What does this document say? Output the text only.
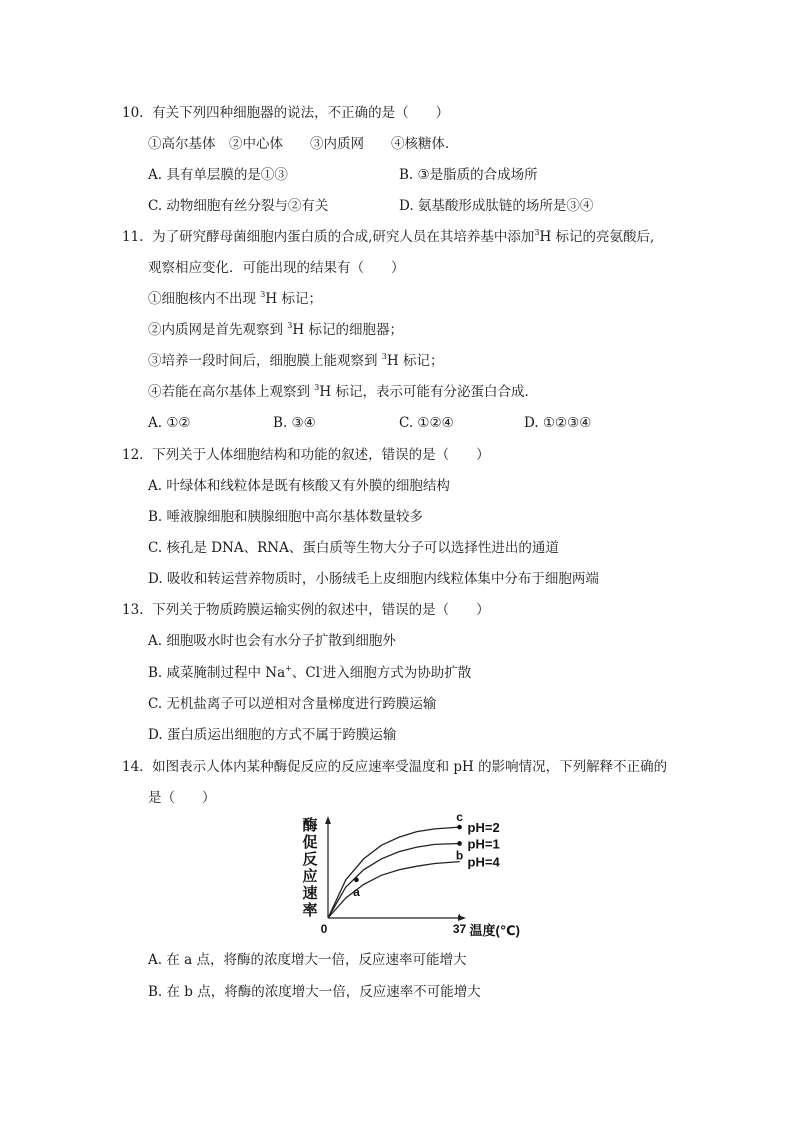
10. 有关下列四种细胞器的说法，不正确的是（　　）
①高尔基体　②中心体　　③内质网　　④核糖体．
A. 具有单层膜的是①③	B. ③是脂质的合成场所
C. 动物细胞有丝分裂与②有关	D. 氨基酸形成肽链的场所是③④
11. 为了研究酵母菌细胞内蛋白质的合成,研究人员在其培养基中添加$^3$H 标记的亮氨酸后,
观察相应变化．可能出现的结果有（　　）
①细胞核内不出现 $^3$H 标记；
②内质网是首先观察到 $^3$H 标记的细胞器；
③培养一段时间后，细胞膜上能观察到 $^3$H 标记；
④若能在高尔基体上观察到 $^3$H 标记，表示可能有分泌蛋白合成．
A. ①②	B. ③④	C. ①②④	D. ①②③④
12. 下列关于人体细胞结构和功能的叙述，错误的是（　　）
A. 叶绿体和线粒体是既有核酸又有外膜的细胞结构
B. 唾液腺细胞和胰腺细胞中高尔基体数量较多
C. 核孔是 DNA、RNA、蛋白质等生物大分子可以选择性进出的通道
D. 吸收和转运营养物质时，小肠绒毛上皮细胞内线粒体集中分布于细胞两端
13. 下列关于物质跨膜运输实例的叙述中，错误的是（　　）
A. 细胞吸水时也会有水分子扩散到细胞外
B. 咸菜腌制过程中 Na+、Cl-进入细胞方式为协助扩散
C. 无机盐离子可以逆相对含量梯度进行跨膜运输
D. 蛋白质运出细胞的方式不属于跨膜运输
14. 如图表示人体内某种酶促反应的反应速率受温度和 pH 的影响情况，下列解释不正确的
是（　　）
酶
促
反
应
速
率
0	37 温度(℃)
pH=2
pH=1
pH=4
a
b
c
A. 在 a 点，将酶的浓度增大一倍，反应速率可能增大
B. 在 b 点，将酶的浓度增大一倍，反应速率不可能增大
